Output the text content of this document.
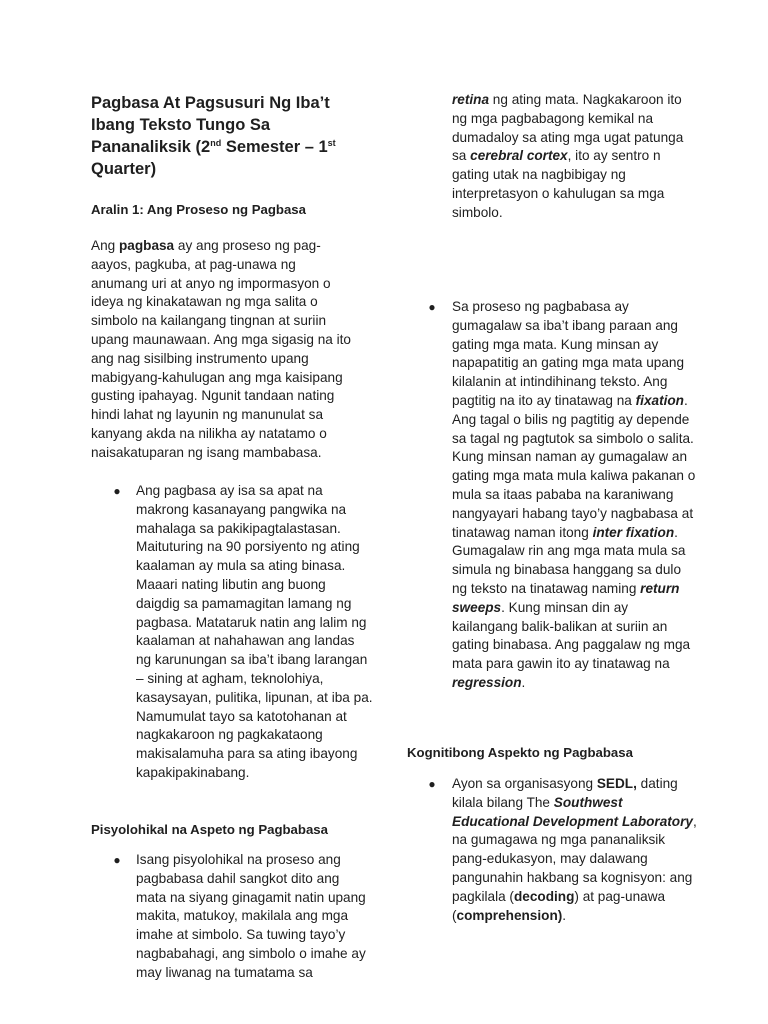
Pagbasa At Pagsusuri Ng Iba’t Ibang Teksto Tungo Sa Pananaliksik (2nd Semester – 1st Quarter)
Aralin 1: Ang Proseso ng Pagbasa

Ang pagbasa ay ang proseso ng pag-aayos, pagkuba, at pag-unawa ng anumang uri at anyo ng impormasyon o ideya ng kinakatawan ng mga salita o simbolo na kailangang tingnan at suriin upang maunawaan. Ang mga sigasig na ito ang nag sisilbing instrumento upang mabigyang-kahulugan ang mga kaisipang gusting ipahayag. Ngunit tandaan nating hindi lahat ng layunin ng manunulat sa kanyang akda na nilikha ay natatamo o naisakatuparan ng isang mambabasa.

● Ang pagbasa ay isa sa apat na makrong kasanayang pangwika na mahalaga sa pakikipagtalastasan. Maituturing na 90 porsiyento ng ating kaalaman ay mula sa ating binasa. Maaari nating libutin ang buong daigdig sa pamamagitan lamang ng pagbasa. Matataruk natin ang lalim ng kaalaman at nahahawan ang landas ng karunungan sa iba’t ibang larangan – sining at agham, teknolohiya, kasaysayan, pulitika, lipunan, at iba pa. Namumulat tayo sa katotohanan at nagkakaroon ng pagkakataong makisalamuha para sa ating ibayong kapakipakinabang.
Pisyolohikal na Aspeto ng Pagbabasa
● Isang pisyolohikal na proseso ang pagbabasa dahil sangkot dito ang mata na siyang ginagamit natin upang makita, matukoy, makilala ang mga imahe at simbolo. Sa tuwing tayo’y nagbabahagi, ang simbolo o imahe ay may liwanag na tumatama sa
retina ng ating mata. Nagkakaroon ito ng mga pagbabagong kemikal na dumadaloy sa ating mga ugat patunga sa cerebral cortex, ito ay sentro n gating utak na nagbibigay ng interpretasyon o kahulugan sa mga simbolo.
● Sa proseso ng pagbabasa ay gumagalaw sa iba’t ibang paraan ang gating mga mata. Kung minsan ay napapatitig an gating mga mata upang kilalanin at intindihinang teksto. Ang pagtitig na ito ay tinatawag na fixation. Ang tagal o bilis ng pagtitig ay depende sa tagal ng pagtutok sa simbolo o salita. Kung minsan naman ay gumagalaw an gating mga mata mula kaliwa pakanan o mula sa itaas pababa na karaniwang nangyayari habang tayo’y nagbabasa at tinatawag naman itong inter fixation. Gumagalaw rin ang mga mata mula sa simula ng binabasa hanggang sa dulo ng teksto na tinatawag naming return sweeps. Kung minsan din ay kailangang balik-balikan at suriin an gating binabasa. Ang paggalaw ng mga mata para gawin ito ay tinatawag na regression.
Kognitibong Aspekto ng Pagbabasa
● Ayon sa organisasyong SEDL, dating kilala bilang The Southwest Educational Development Laboratory, na gumagawa ng mga pananaliksik pang-edukasyon, may dalawang pangunahin hakbang sa kognisyon: ang pagkilala (decoding) at pag-unawa (comprehension).
